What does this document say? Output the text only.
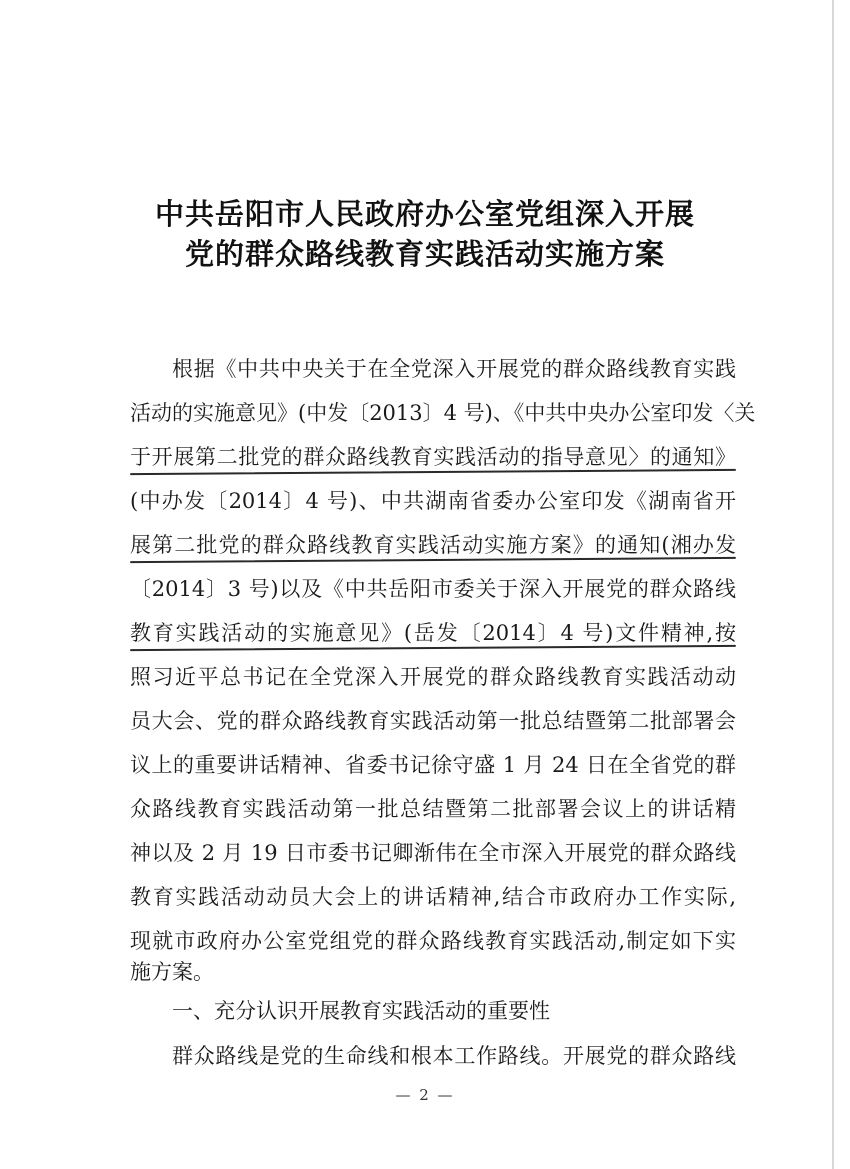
中共岳阳市人民政府办公室党组深入开展
党的群众路线教育实践活动实施方案
根据《中共中央关于在全党深入开展党的群众路线教育实践
活动的实施意见》(中发〔2013〕4 号)、《中共中央办公室印发〈关
于开展第二批党的群众路线教育实践活动的指导意见〉的通知》
(中办发〔2014〕4 号)、中共湖南省委办公室印发《湖南省开
展第二批党的群众路线教育实践活动实施方案》的通知(湘办发
〔2014〕3 号)以及《中共岳阳市委关于深入开展党的群众路线
教育实践活动的实施意见》(岳发〔2014〕4 号)文件精神,按
照习近平总书记在全党深入开展党的群众路线教育实践活动动
员大会、党的群众路线教育实践活动第一批总结暨第二批部署会
议上的重要讲话精神、省委书记徐守盛 1 月 24 日在全省党的群
众路线教育实践活动第一批总结暨第二批部署会议上的讲话精
神以及 2 月 19 日市委书记卿渐伟在全市深入开展党的群众路线
教育实践活动动员大会上的讲话精神,结合市政府办工作实际,
现就市政府办公室党组党的群众路线教育实践活动,制定如下实
施方案。
一、充分认识开展教育实践活动的重要性
群众路线是党的生命线和根本工作路线。开展党的群众路线
— 2 —
